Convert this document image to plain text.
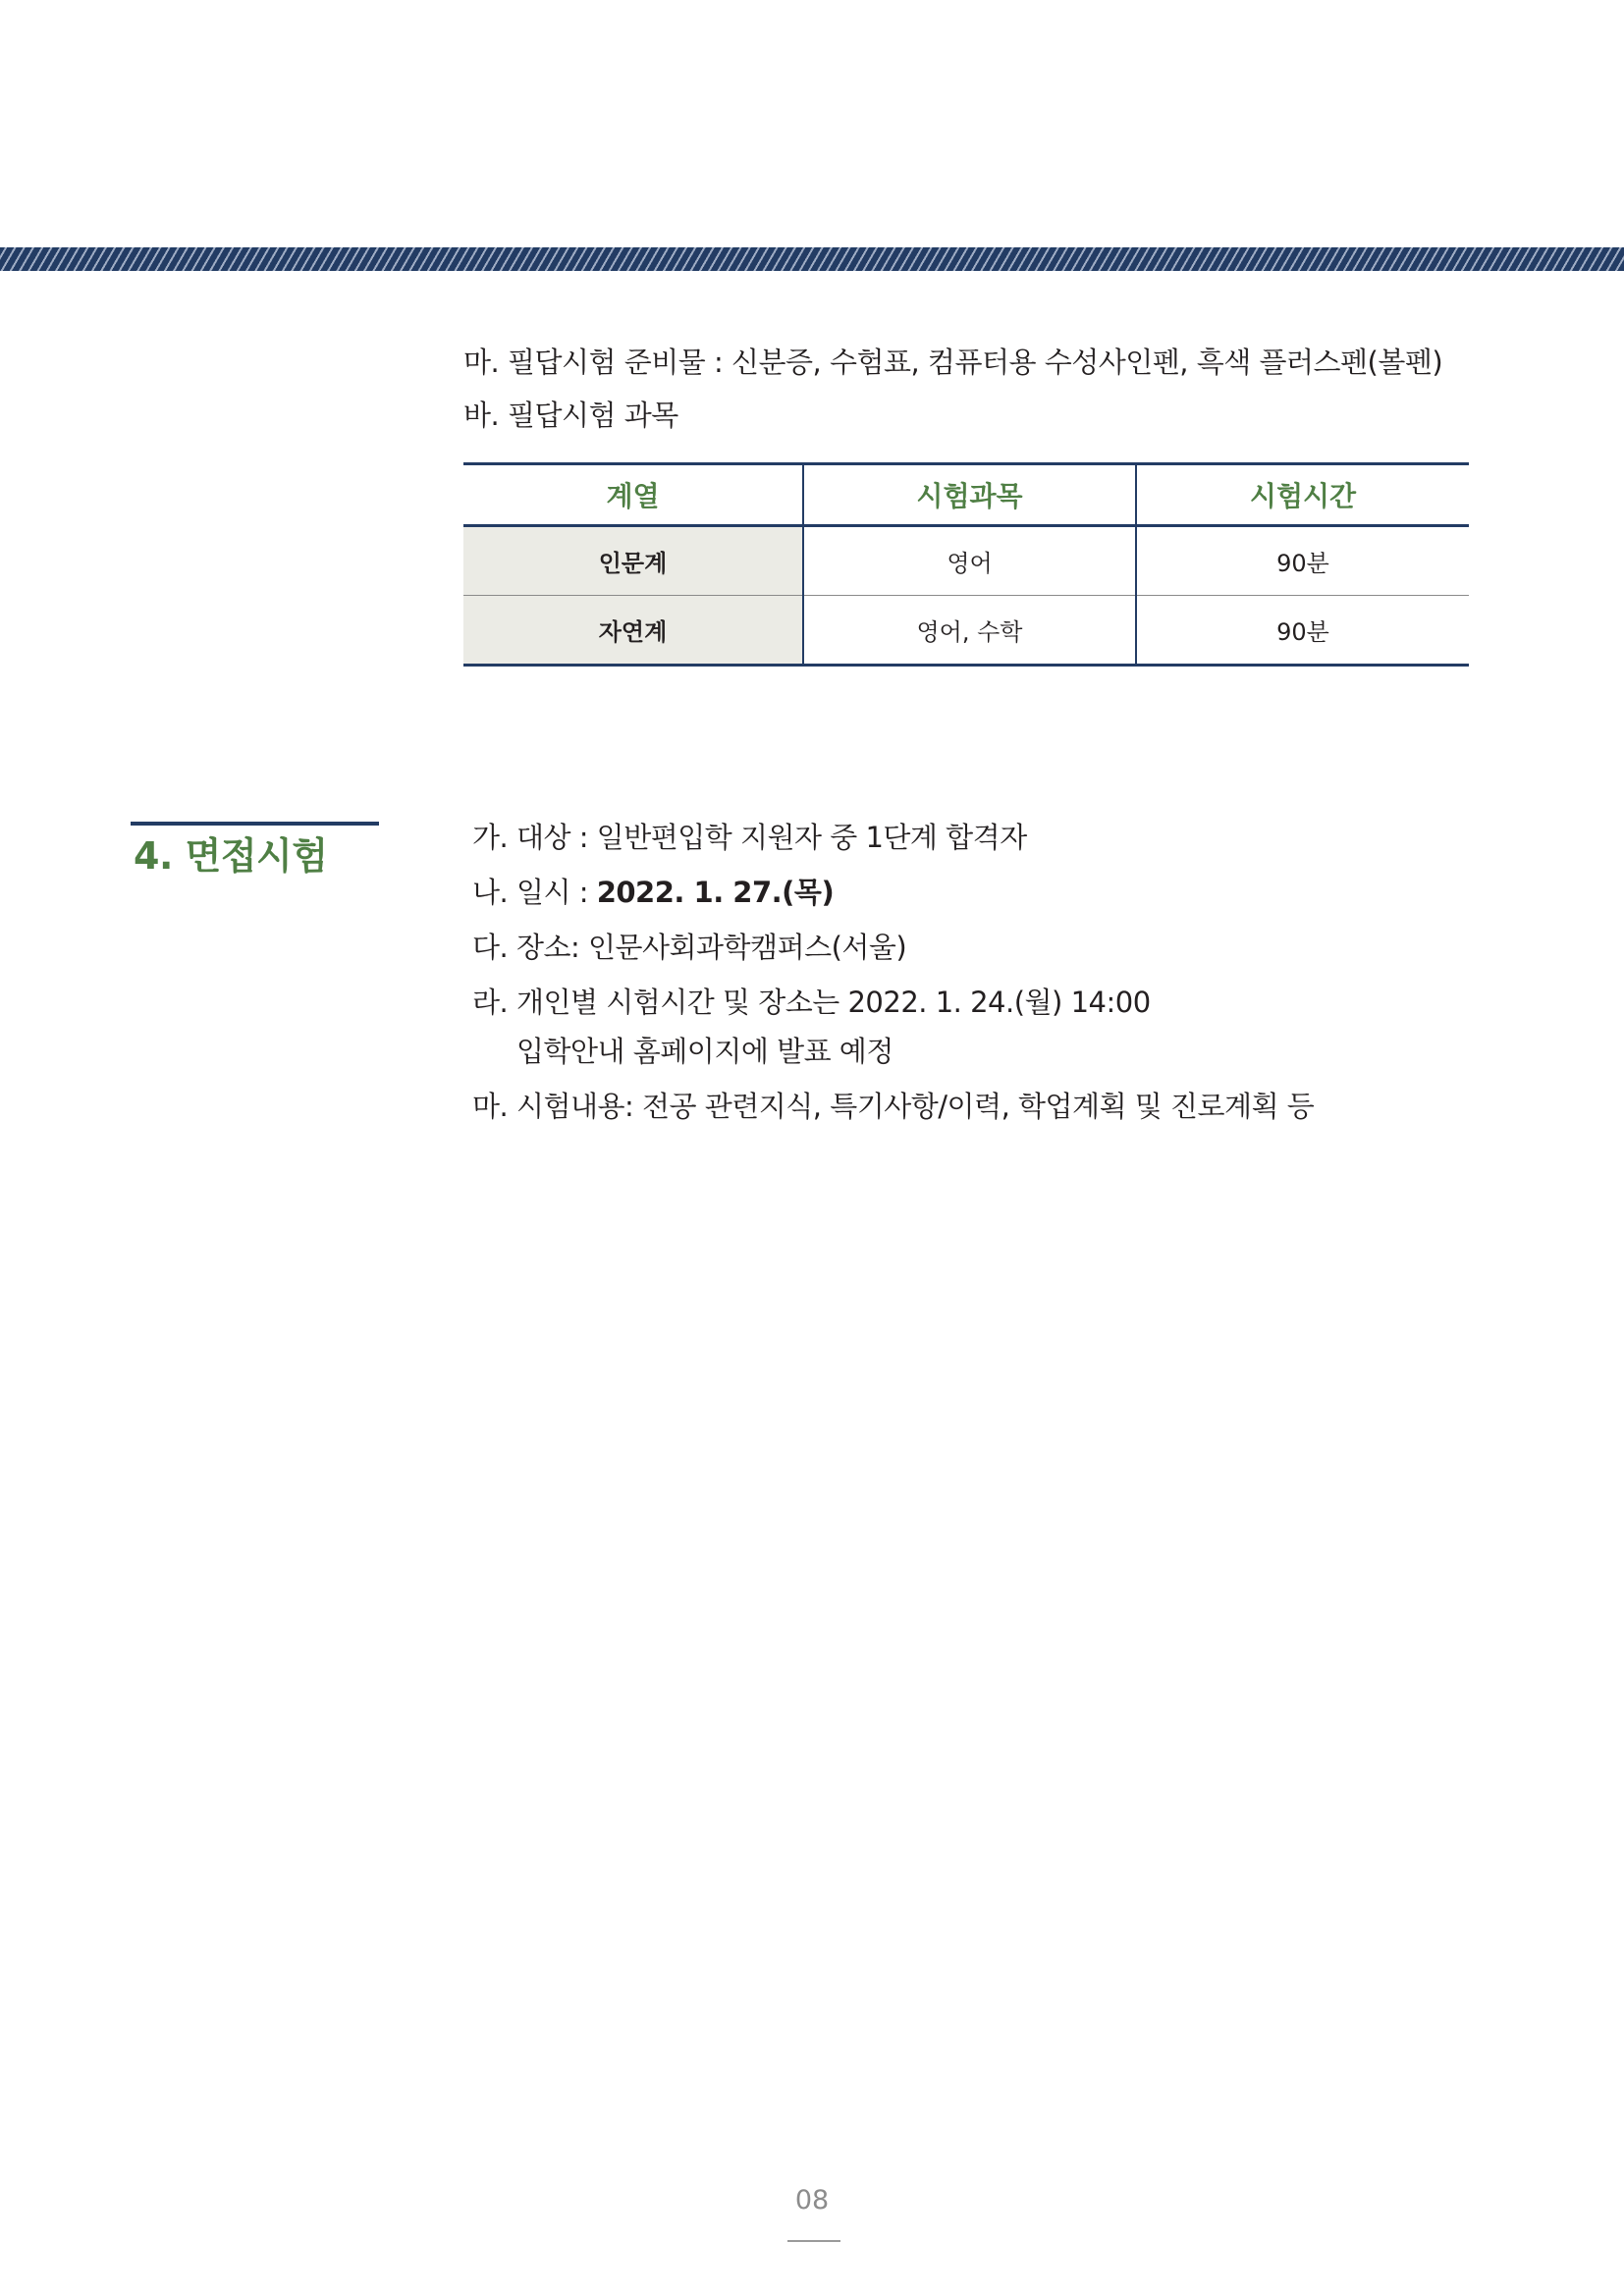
마. 필답시험 준비물 : 신분증, 수험표, 컴퓨터용 수성사인펜, 흑색 플러스펜(볼펜)
바. 필답시험 과목
계열	시험과목	시험시간
인문계	영어	90분
자연계	영어, 수학	90분
4. 면접시험	가. 대상 : 일반편입학 지원자 중 1단계 합격자
나. 일시 : 2022. 1. 27.(목)
다. 장소: 인문사회과학캠퍼스(서울)
라. 개인별 시험시간 및 장소는 2022. 1. 24.(월) 14:00
입학안내 홈페이지에 발표 예정
마. 시험내용: 전공 관련지식, 특기사항/이력, 학업계획 및 진로계획 등
08
